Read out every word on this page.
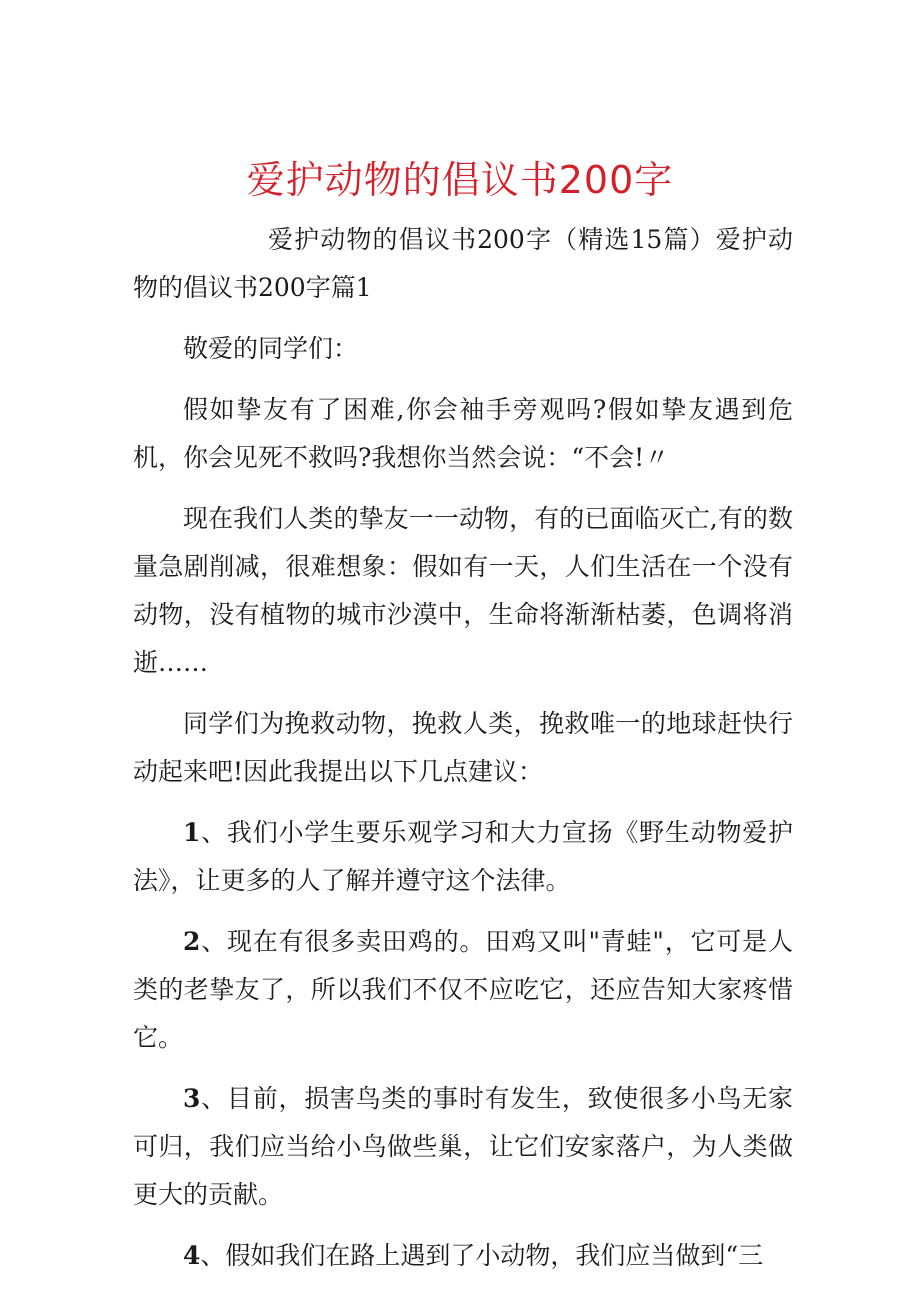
爱护动物的倡议书200字

爱护动物的倡议书200字（精选15篇）爱护动物的倡议书200字篇1

敬爱的同学们：

假如挚友有了困难,你会袖手旁观吗?假如挚友遇到危机，你会见死不救吗?我想你当然会说：“不会!〃

现在我们人类的挚友一一动物，有的已面临灭亡,有的数量急剧削减，很难想象：假如有一天，人们生活在一个没有动物，没有植物的城市沙漠中，生命将渐渐枯萎，色调将消逝……

同学们为挽救动物，挽救人类，挽救唯一的地球赶快行动起来吧!因此我提出以下几点建议：

1、我们小学生要乐观学习和大力宣扬《野生动物爱护法》，让更多的人了解并遵守这个法律。

2、现在有很多卖田鸡的。田鸡又叫"青蛙"，它可是人类的老挚友了，所以我们不仅不应吃它，还应告知大家疼惜它。

3、目前，损害鸟类的事时有发生，致使很多小鸟无家可归，我们应当给小鸟做些巢，让它们安家落户，为人类做更大的贡献。

4、假如我们在路上遇到了小动物，我们应当做到“三
